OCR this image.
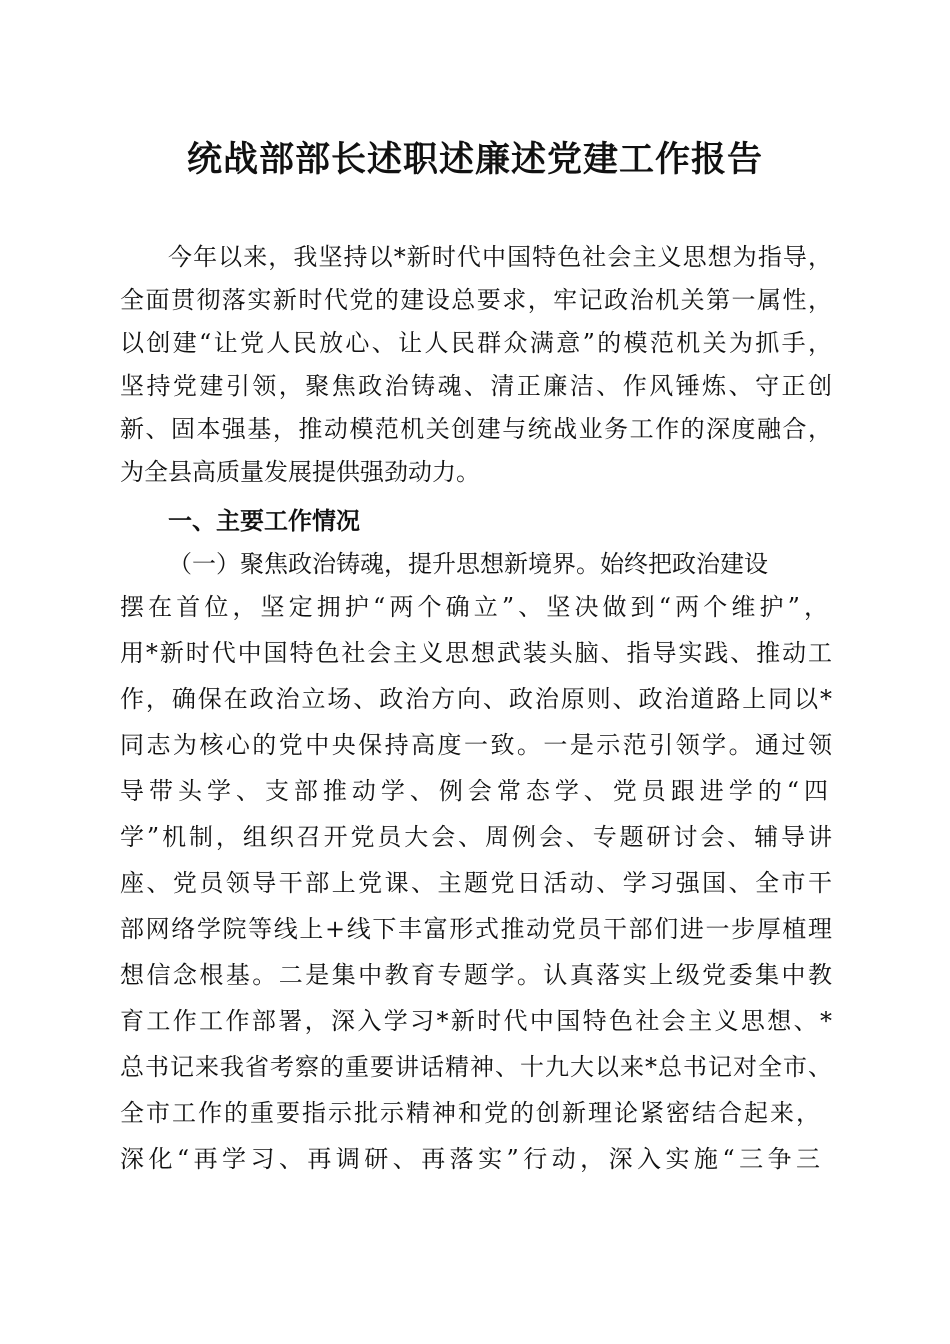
统战部部长述职述廉述党建工作报告
今年以来，我坚持以*新时代中国特色社会主义思想为指导，
全面贯彻落实新时代党的建设总要求，牢记政治机关第一属性，
以创建“让党人民放心、让人民群众满意”的模范机关为抓手，
坚持党建引领，聚焦政治铸魂、清正廉洁、作风锤炼、守正创
新、固本强基，推动模范机关创建与统战业务工作的深度融合，
为全县高质量发展提供强劲动力。
一、主要工作情况
（一）聚焦政治铸魂，提升思想新境界。始终把政治建设
摆在首位，坚定拥护“两个确立”、坚决做到“两个维护”，
用*新时代中国特色社会主义思想武装头脑、指导实践、推动工
作，确保在政治立场、政治方向、政治原则、政治道路上同以*
同志为核心的党中央保持高度一致。一是示范引领学。通过领
导带头学、支部推动学、例会常态学、党员跟进学的“四
学”机制，组织召开党员大会、周例会、专题研讨会、辅导讲
座、党员领导干部上党课、主题党日活动、学习强国、全市干
部网络学院等线上+线下丰富形式推动党员干部们进一步厚植理
想信念根基。二是集中教育专题学。认真落实上级党委集中教
育工作工作部署，深入学习*新时代中国特色社会主义思想、*
总书记来我省考察的重要讲话精神、十九大以来*总书记对全市、
全市工作的重要指示批示精神和党的创新理论紧密结合起来，
深化“再学习、再调研、再落实”行动，深入实施“三争三
